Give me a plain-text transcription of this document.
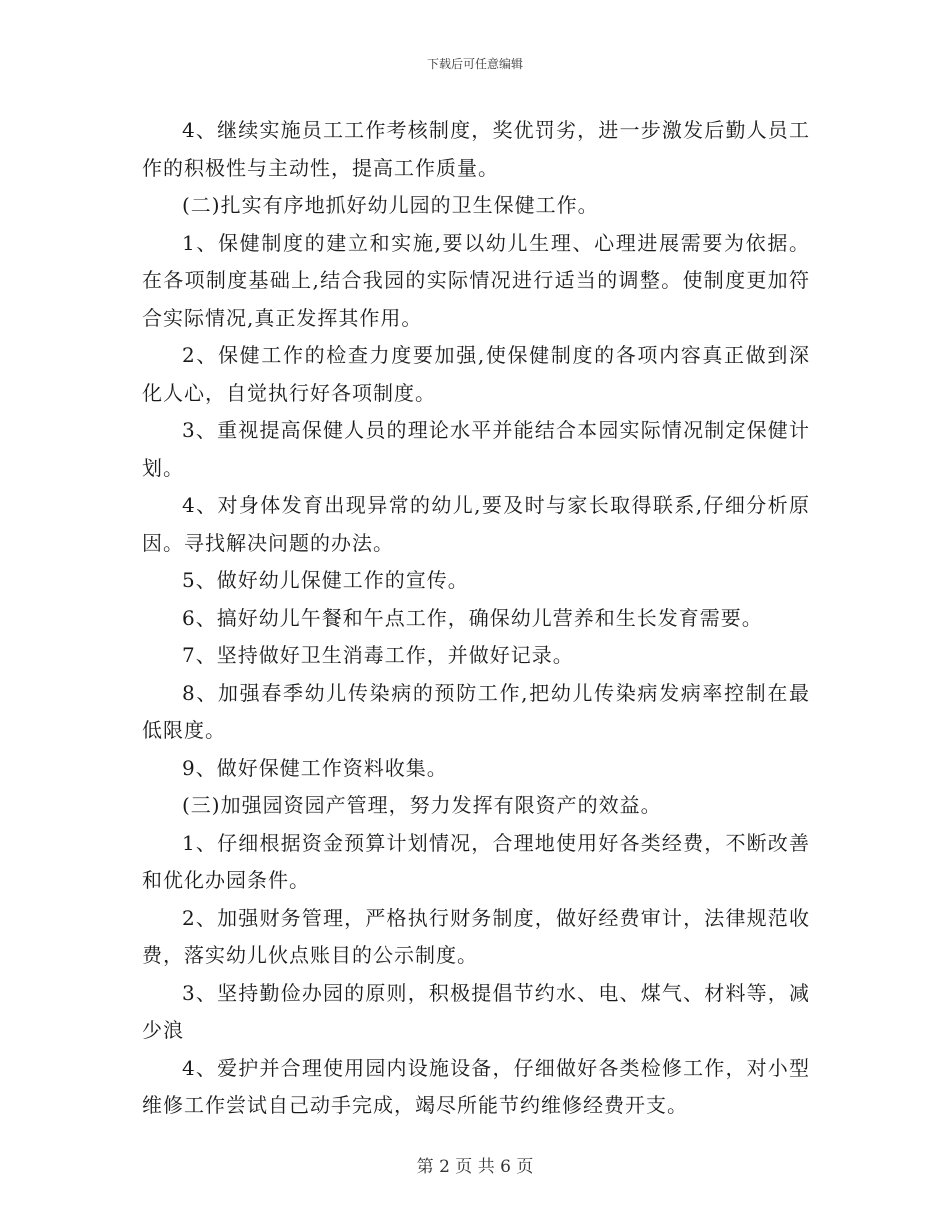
下载后可任意编辑

4、继续实施员工工作考核制度，奖优罚劣，进一步激发后勤人员工作的积极性与主动性，提高工作质量。

(二)扎实有序地抓好幼儿园的卫生保健工作。

1、保健制度的建立和实施,要以幼儿生理、心理进展需要为依据。在各项制度基础上,结合我园的实际情况进行适当的调整。使制度更加符合实际情况,真正发挥其作用。

2、保健工作的检查力度要加强,使保健制度的各项内容真正做到深化人心，自觉执行好各项制度。

3、重视提高保健人员的理论水平并能结合本园实际情况制定保健计划。

4、对身体发育出现异常的幼儿,要及时与家长取得联系,仔细分析原因。寻找解决问题的办法。

5、做好幼儿保健工作的宣传。

6、搞好幼儿午餐和午点工作，确保幼儿营养和生长发育需要。

7、坚持做好卫生消毒工作，并做好记录。

8、加强春季幼儿传染病的预防工作,把幼儿传染病发病率控制在最低限度。

9、做好保健工作资料收集。

(三)加强园资园产管理，努力发挥有限资产的效益。

1、仔细根据资金预算计划情况，合理地使用好各类经费，不断改善和优化办园条件。

2、加强财务管理，严格执行财务制度，做好经费审计，法律规范收费，落实幼儿伙点账目的公示制度。

3、坚持勤俭办园的原则，积极提倡节约水、电、煤气、材料等，减少浪

4、爱护并合理使用园内设施设备，仔细做好各类检修工作，对小型维修工作尝试自己动手完成，竭尽所能节约维修经费开支。

第 2 页 共 6 页
